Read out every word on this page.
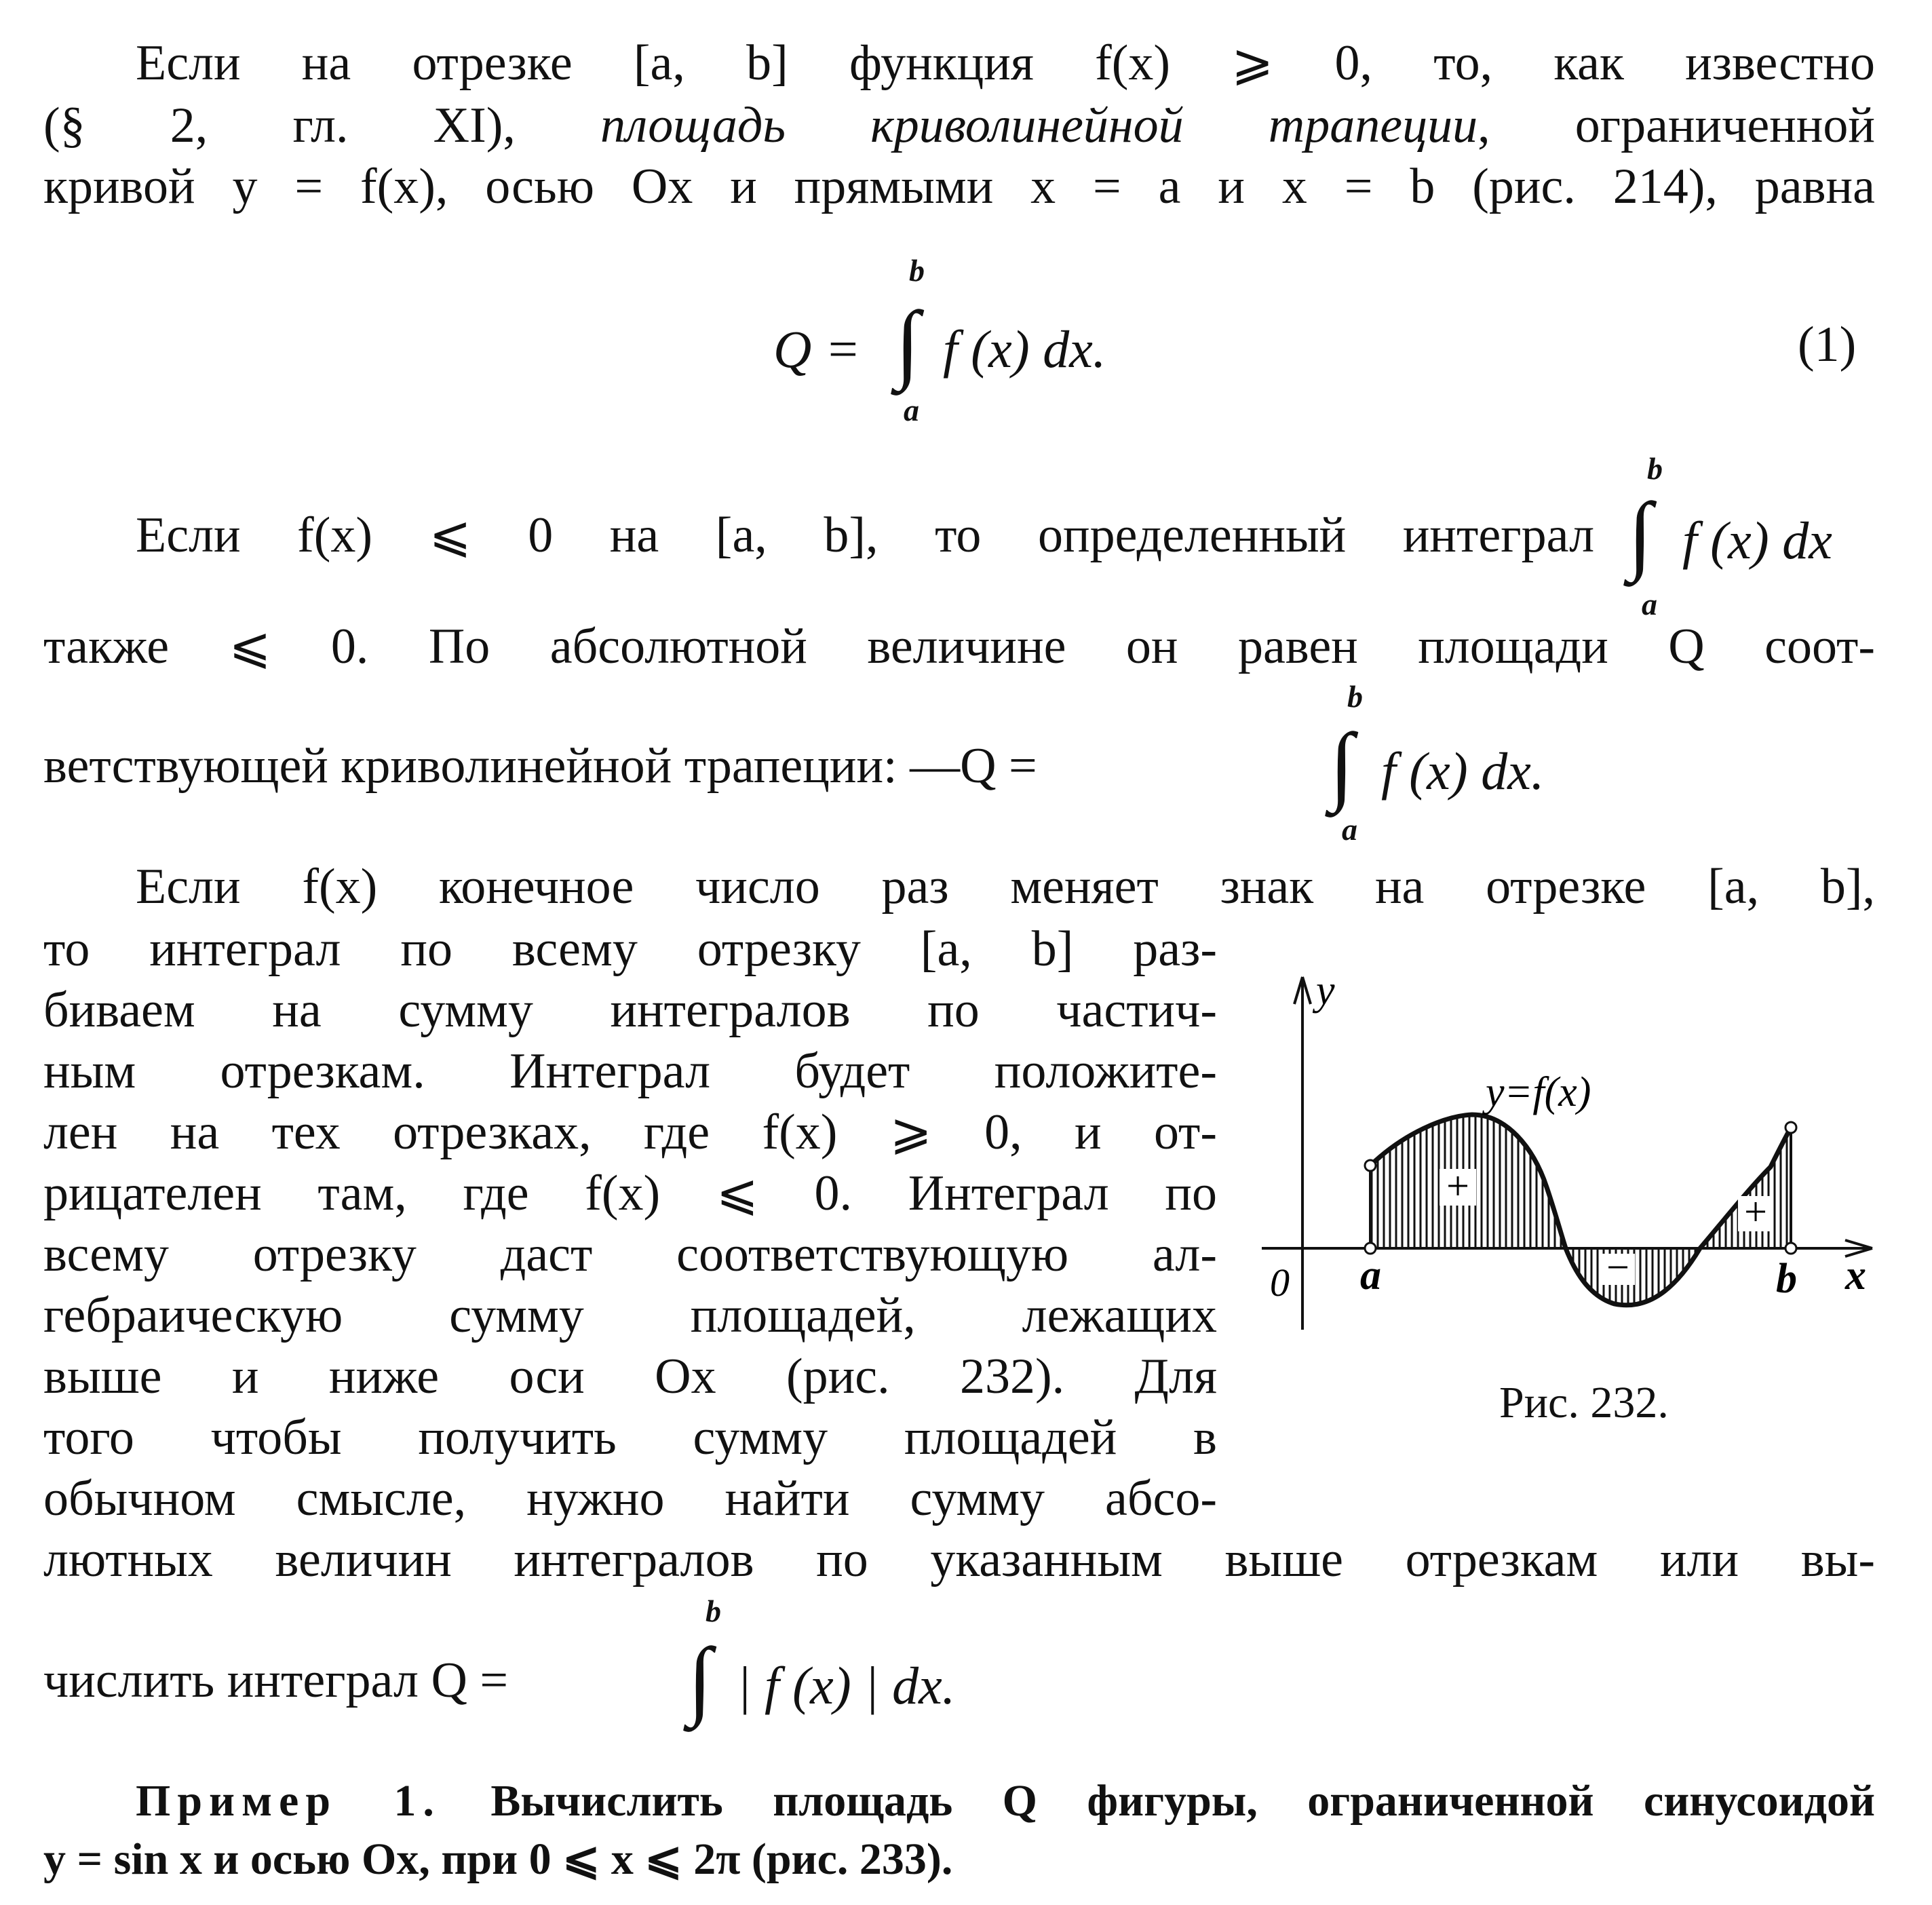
Если на отрезке [a, b] функция f(x) ⩾ 0, то, как известно
(§ 2, гл. XI), площадь криволинейной трапеции, ограниченной
кривой y = f(x), осью Ox и прямыми x = a и x = b (рис. 214), равна
Q =
b
∫
a
f (x) dx.	(1)
Если f(x) ⩽ 0 на [a, b], то определенный интеграл
b
∫
a
f (x) dx
также ⩽ 0. По абсолютной величине он равен площади Q соот-
ветствующей криволинейной трапеции: —Q =
b
∫
a
f (x) dx.
Если f(x) конечное число раз меняет знак на отрезке [a, b],
то интеграл по всему отрезку [a, b] раз-
биваем на сумму интегралов по частич-
ным отрезкам. Интеграл будет положите-
лен на тех отрезках, где f(x) ⩾ 0, и от-
рицателен там, где f(x) ⩽ 0. Интеграл по
всему отрезку даст соответствующую ал-
гебраическую сумму площадей, лежащих
выше и ниже оси Ox (рис. 232). Для
того чтобы получить сумму площадей в
обычном смысле, нужно найти сумму абсо-
лютных величин интегралов по указанным выше отрезкам или вы-
числить интеграл Q =
b
∫ | f (x) | dx.
+
−
+
y
x
0 a	b
y=f(x)
Рис. 232.
Пример 1. Вычислить площадь Q фигуры, ограниченной синусоидой
y = sin x и осью Ox, при 0 ⩽ x ⩽ 2π (рис. 233).
